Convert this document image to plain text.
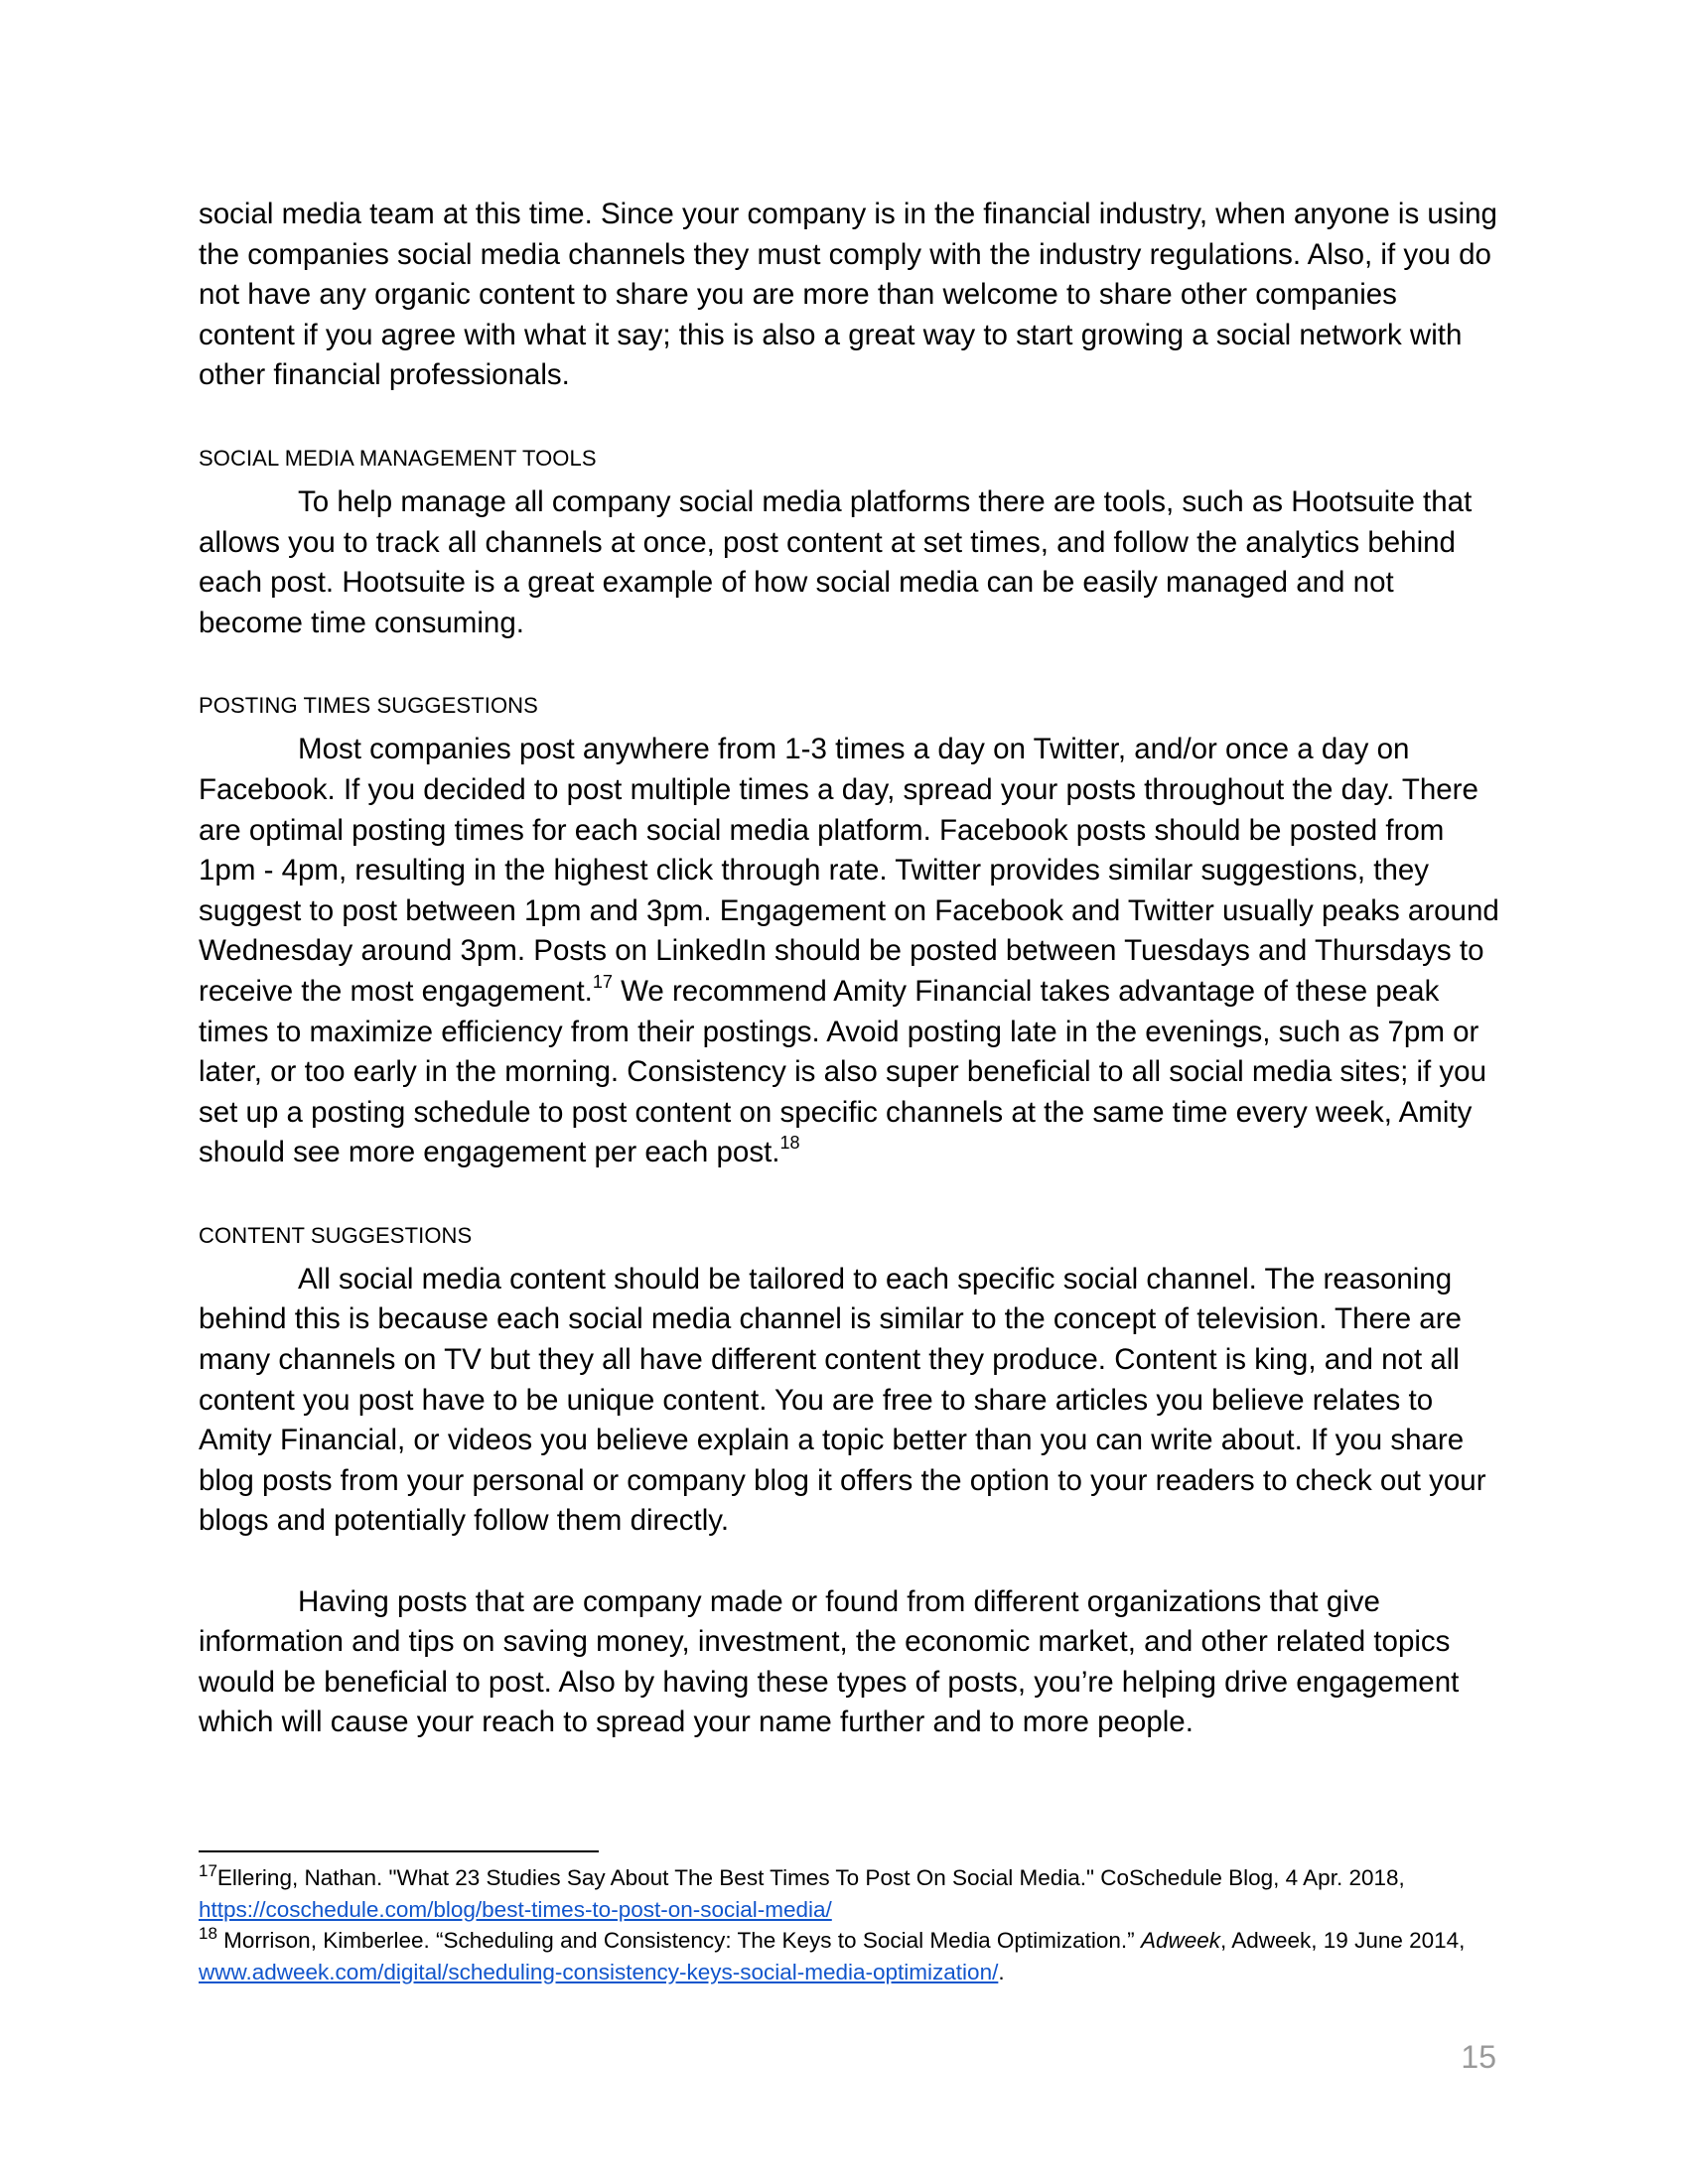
social media team at this time. Since your company is in the financial industry, when anyone is using the companies social media channels they must comply with the industry regulations. Also, if you do not have any organic content to share you are more than welcome to share other companies content if you agree with what it say; this is also a great way to start growing a social network with other financial professionals.

SOCIAL MEDIA MANAGEMENT TOOLS

To help manage all company social media platforms there are tools, such as Hootsuite that allows you to track all channels at once, post content at set times, and follow the analytics behind each post. Hootsuite is a great example of how social media can be easily managed and not become time consuming.

POSTING TIMES SUGGESTIONS

Most companies post anywhere from 1-3 times a day on Twitter, and/or once a day on Facebook. If you decided to post multiple times a day, spread your posts throughout the day. There are optimal posting times for each social media platform. Facebook posts should be posted from 1pm - 4pm, resulting in the highest click through rate. Twitter provides similar suggestions, they suggest to post between 1pm and 3pm. Engagement on Facebook and Twitter usually peaks around Wednesday around 3pm. Posts on LinkedIn should be posted between Tuesdays and Thursdays to receive the most engagement.$^{17}$ We recommend Amity Financial takes advantage of these peak times to maximize efficiency from their postings. Avoid posting late in the evenings, such as 7pm or later, or too early in the morning. Consistency is also super beneficial to all social media sites; if you set up a posting schedule to post content on specific channels at the same time every week, Amity should see more engagement per each post.$^{18}$

CONTENT SUGGESTIONS

All social media content should be tailored to each specific social channel. The reasoning behind this is because each social media channel is similar to the concept of television. There are many channels on TV but they all have different content they produce. Content is king, and not all content you post have to be unique content. You are free to share articles you believe relates to Amity Financial, or videos you believe explain a topic better than you can write about. If you share blog posts from your personal or company blog it offers the option to your readers to check out your blogs and potentially follow them directly.

Having posts that are company made or found from different organizations that give information and tips on saving money, investment, the economic market, and other related topics would be beneficial to post. Also by having these types of posts, you’re helping drive engagement which will cause your reach to spread your name further and to more people.

$^{17}$Ellering, Nathan. "What 23 Studies Say About The Best Times To Post On Social Media." CoSchedule Blog, 4 Apr. 2018, https://coschedule.com/blog/best-times-to-post-on-social-media/

$^{18}$ Morrison, Kimberlee. “Scheduling and Consistency: The Keys to Social Media Optimization.” Adweek, Adweek, 19 June 2014, www.adweek.com/digital/scheduling-consistency-keys-social-media-optimization/.

15
